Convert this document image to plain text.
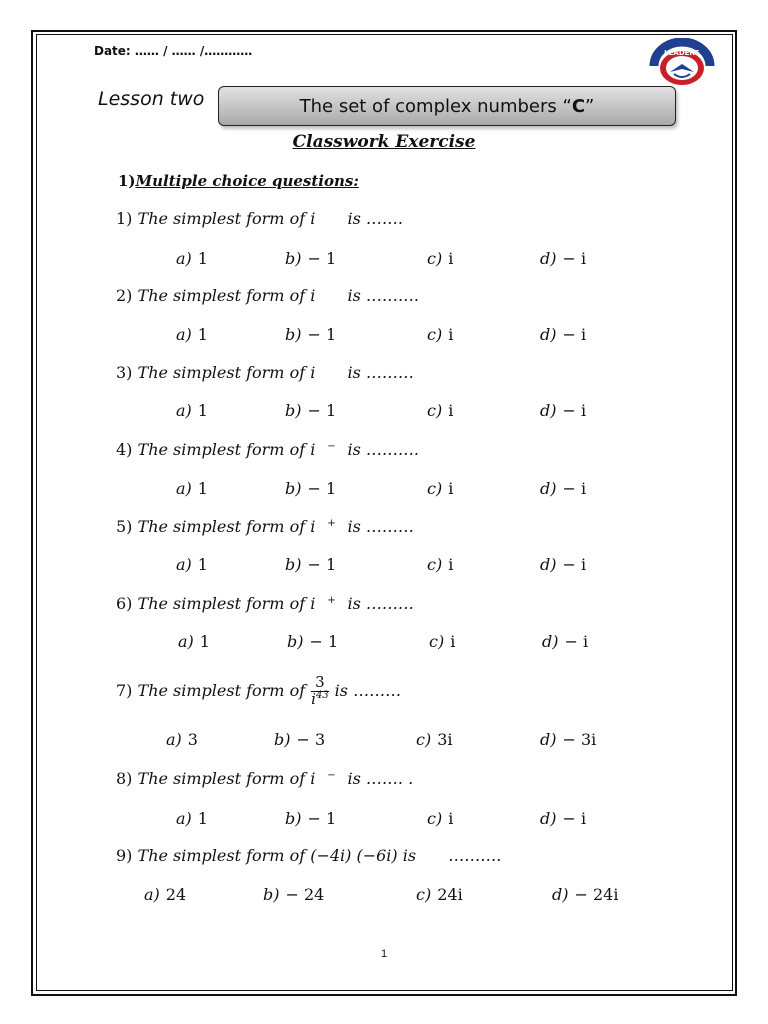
Date: …… / …… /…………	LEADERS
Lesson two	The set of complex numbers “ C ”
Classwork Exercise
1)Multiple choice questions:
1) The simplest form of i is …….
a) 1	b) − 1	c) i	d) − i
2) The simplest form of i is ……….
a) 1	b) − 1	c) i	d) − i
3) The simplest form of i is ………
a) 1	b) − 1	c) i	d) − i
4) The simplest form of i − is ……….
a) 1	b) − 1	c) i	d) − i
5) The simplest form of i + is ………
a) 1	b) − 1	c) i	d) − i
6) The simplest form of i + is ………
a) 1	b) − 1	c) i	d) − i
7) The simplest form of $\frac{3}{i^{43}}$ is ………
a) 3	b) − 3	c) 3i	d) − 3i
8) The simplest form of i − is ……. .
a) 1	b) − 1	c) i	d) − i
9) The simplest form of (−4i) (−6i) is ……….
a) 24	b) − 24	c) 24i	d) − 24i
1
